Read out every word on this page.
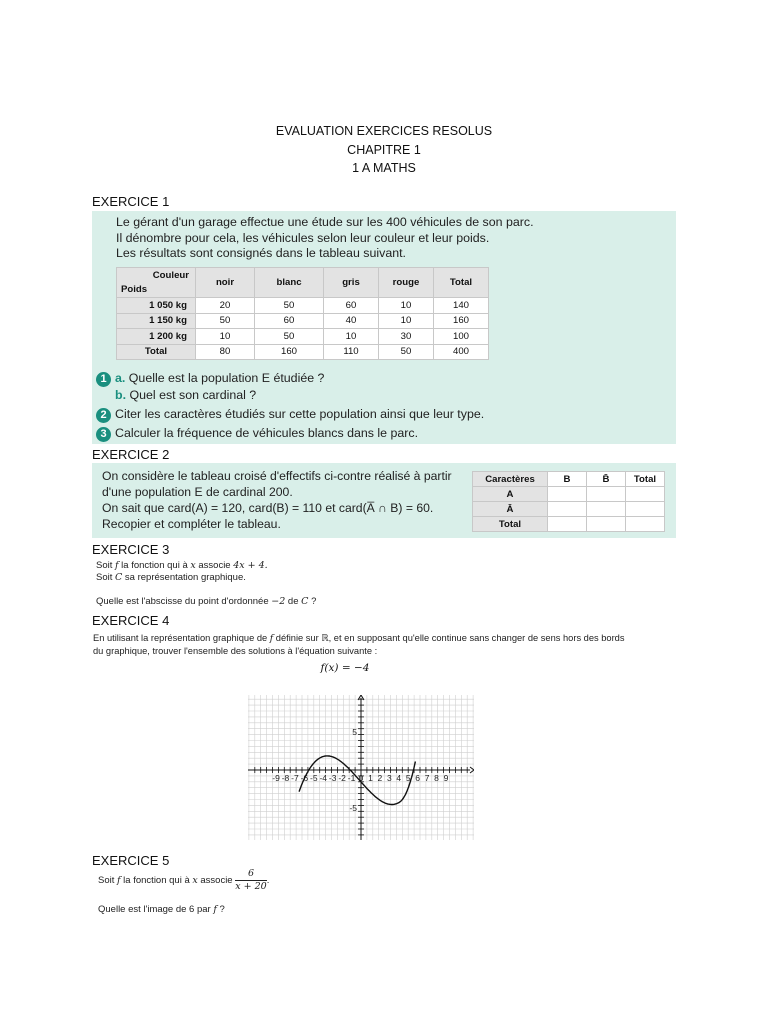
EVALUATION EXERCICES RESOLUS
CHAPITRE 1
1 A MATHS
EXERCICE 1
Le gérant d'un garage effectue une étude sur les 400 véhicules de son parc.
Il dénombre pour cela, les véhicules selon leur couleur et leur poids.
Les résultats sont consignés dans le tableau suivant.
Couleur
Poids	noir	blanc	gris	rouge	Total
1 050 kg	20	50	60	10	140
1 150 kg	50	60	40	10	160
1 200 kg	10	50	10	30	100
Total	80	160	110	50	400
1 a. Quelle est la population E étudiée ?
b. Quel est son cardinal ?
2 Citer les caractères étudiés sur cette population ainsi que leur type.
3 Calculer la fréquence de véhicules blancs dans le parc.
EXERCICE 2
On considère le tableau croisé d'effectifs ci-contre réalisé à partir
d'une population E de cardinal 200.
On sait que card(A) = 120, card(B) = 110 et card(A̅ ∩ B) = 60.
Recopier et compléter le tableau.
Caractères	B	B̄	Total
A			
Ā			
Total			
EXERCICE 3
Soit f la fonction qui à x associe 4x + 4.
Soit C sa représentation graphique.
Quelle est l'abscisse du point d'ordonnée −2 de C ?
EXERCICE 4
En utilisant la représentation graphique de f définie sur ℝ, et en supposant qu'elle continue sans changer de sens hors des bords
du graphique, trouver l'ensemble des solutions à l'équation suivante :
f(x) = −4
-9 -8 -7 -6 -5 -4 -3 -2 -1 0 1 2 3 4 5 6 7 8 9
5
-5
EXERCICE 5
Soit f la fonction qui à x associe $\frac{6}{x + 20}$ .
Quelle est l'image de 6 par f ?
